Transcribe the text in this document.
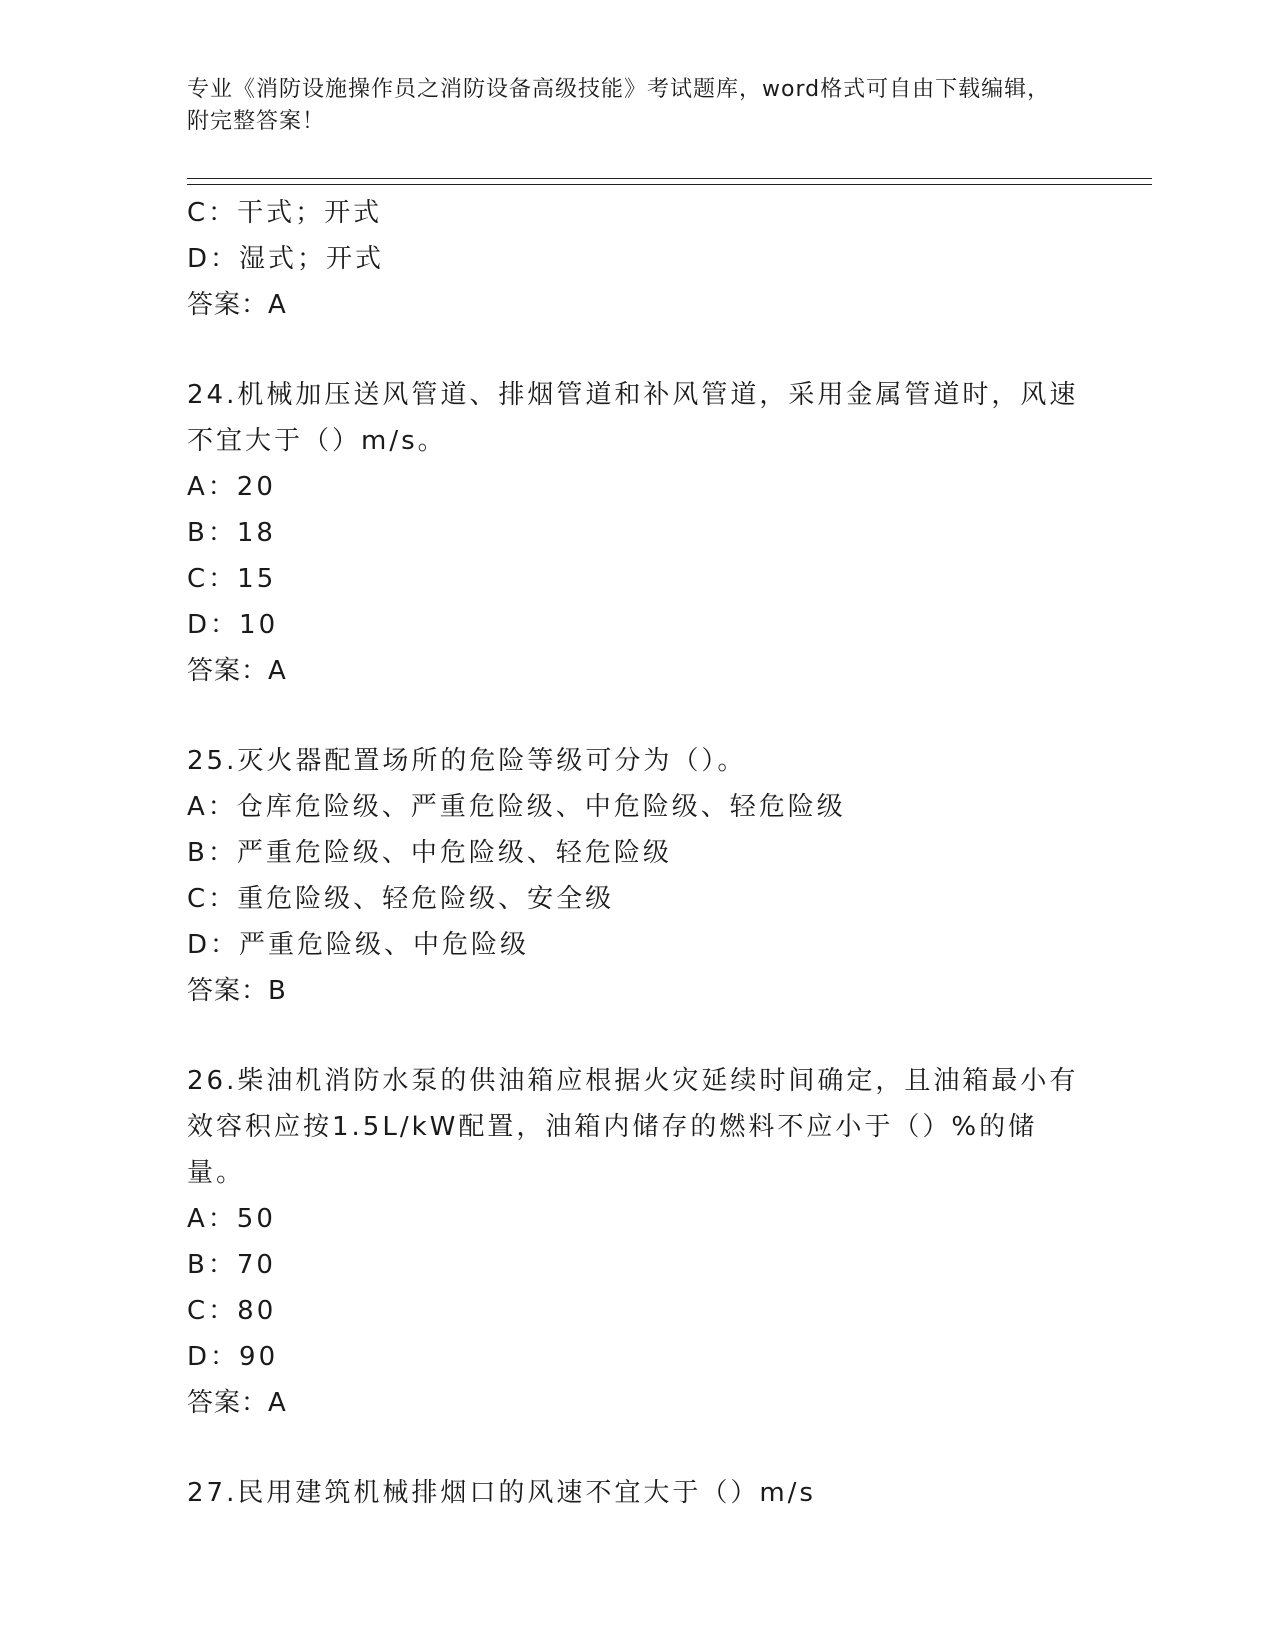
专业《消防设施操作员之消防设备高级技能》考试题库，word格式可自由下载编辑，附完整答案！
C：干式；开式
D：湿式；开式
答案：A
24.机械加压送风管道、排烟管道和补风管道，采用金属管道时，风速不宜大于（）m/s。
A：20
B：18
C：15
D：10
答案：A
25.灭火器配置场所的危险等级可分为（）。
A：仓库危险级、严重危险级、中危险级、轻危险级
B：严重危险级、中危险级、轻危险级
C：重危险级、轻危险级、安全级
D：严重危险级、中危险级
答案：B
26.柴油机消防水泵的供油箱应根据火灾延续时间确定，且油箱最小有效容积应按1.5L/kW配置，油箱内储存的燃料不应小于（）%的储量。
A：50
B：70
C：80
D：90
答案：A
27.民用建筑机械排烟口的风速不宜大于（）m/s
